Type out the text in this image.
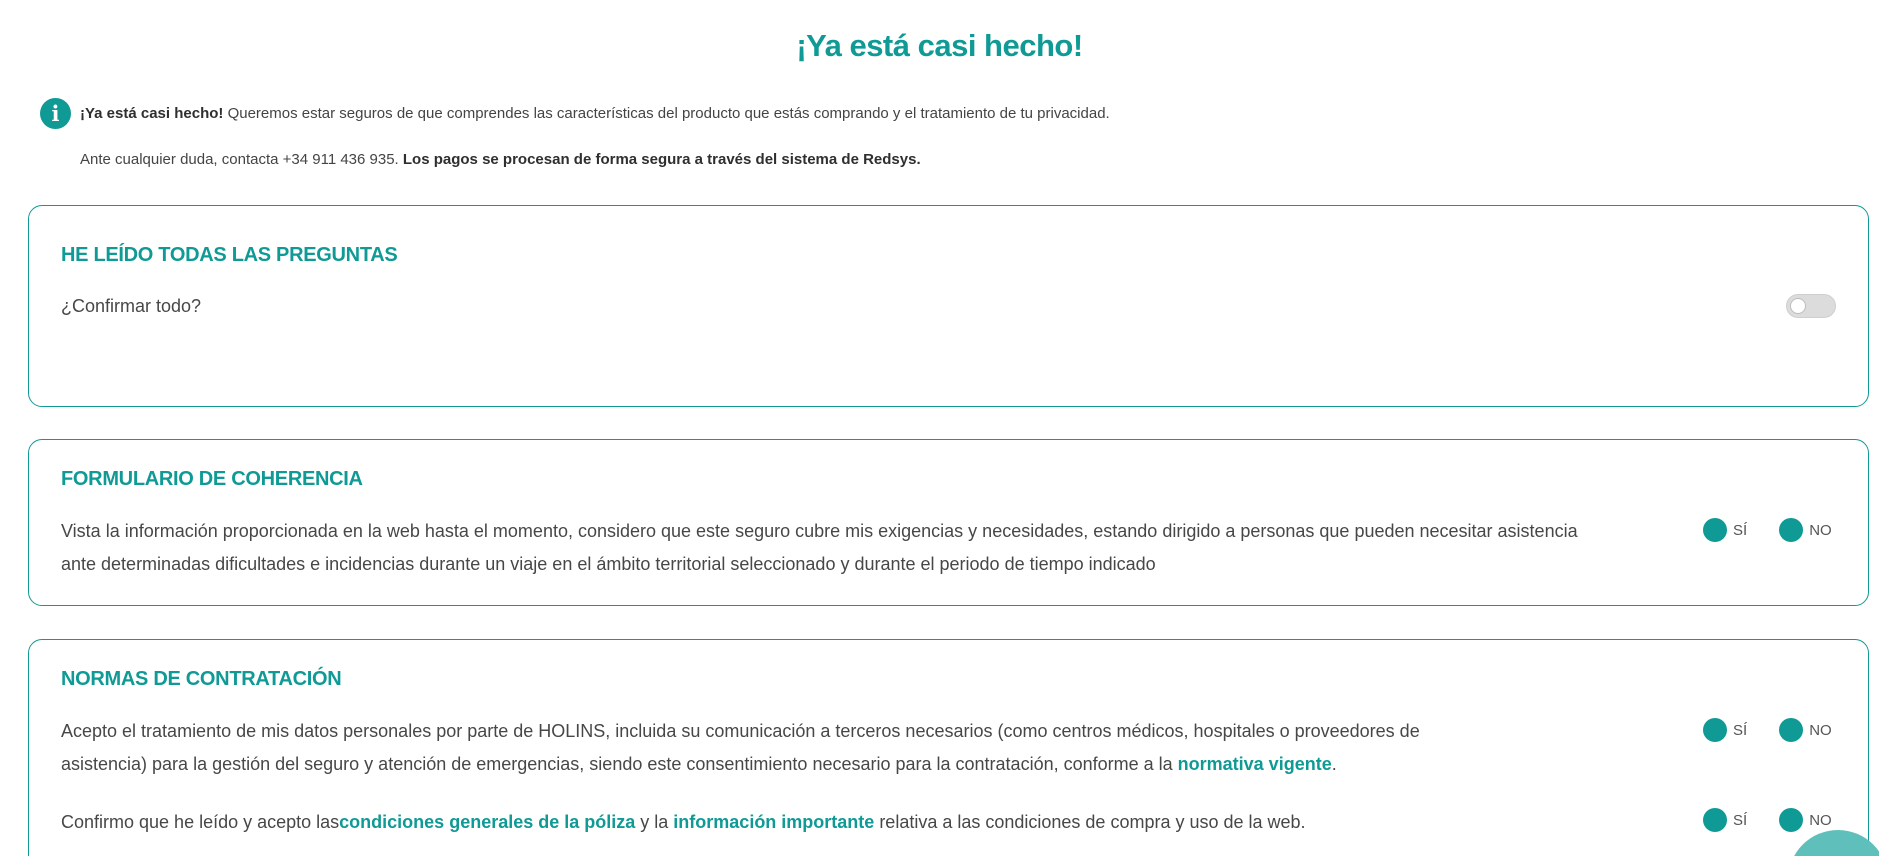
¡Ya está casi hecho!
i	¡Ya está casi hecho! Queremos estar seguros de que comprendes las características del producto que estás comprando y el tratamiento de tu privacidad.
Ante cualquier duda, contacta +34 911 436 935. Los pagos se procesan de forma segura a través del sistema de Redsys.
HE LEÍDO TODAS LAS PREGUNTAS
¿Confirmar todo?
FORMULARIO DE COHERENCIA
Vista la información proporcionada en la web hasta el momento, considero que este seguro cubre mis exigencias y necesidades, estando dirigido a personas que pueden necesitar asistencia ante determinadas dificultades e incidencias durante un viaje en el ámbito territorial seleccionado y durante el periodo de tiempo indicado
SÍ	NO
NORMAS DE CONTRATACIÓN
Acepto el tratamiento de mis datos personales por parte de HOLINS, incluida su comunicación a terceros necesarios (como centros médicos, hospitales o proveedores de
asistencia) para la gestión del seguro y atención de emergencias, siendo este consentimiento necesario para la contratación, conforme a la normativa vigente.
SÍ	NO
Confirmo que he leído y acepto lascondiciones generales de la póliza y la información importante relativa a las condiciones de compra y uso de la web.	SÍ	NO
